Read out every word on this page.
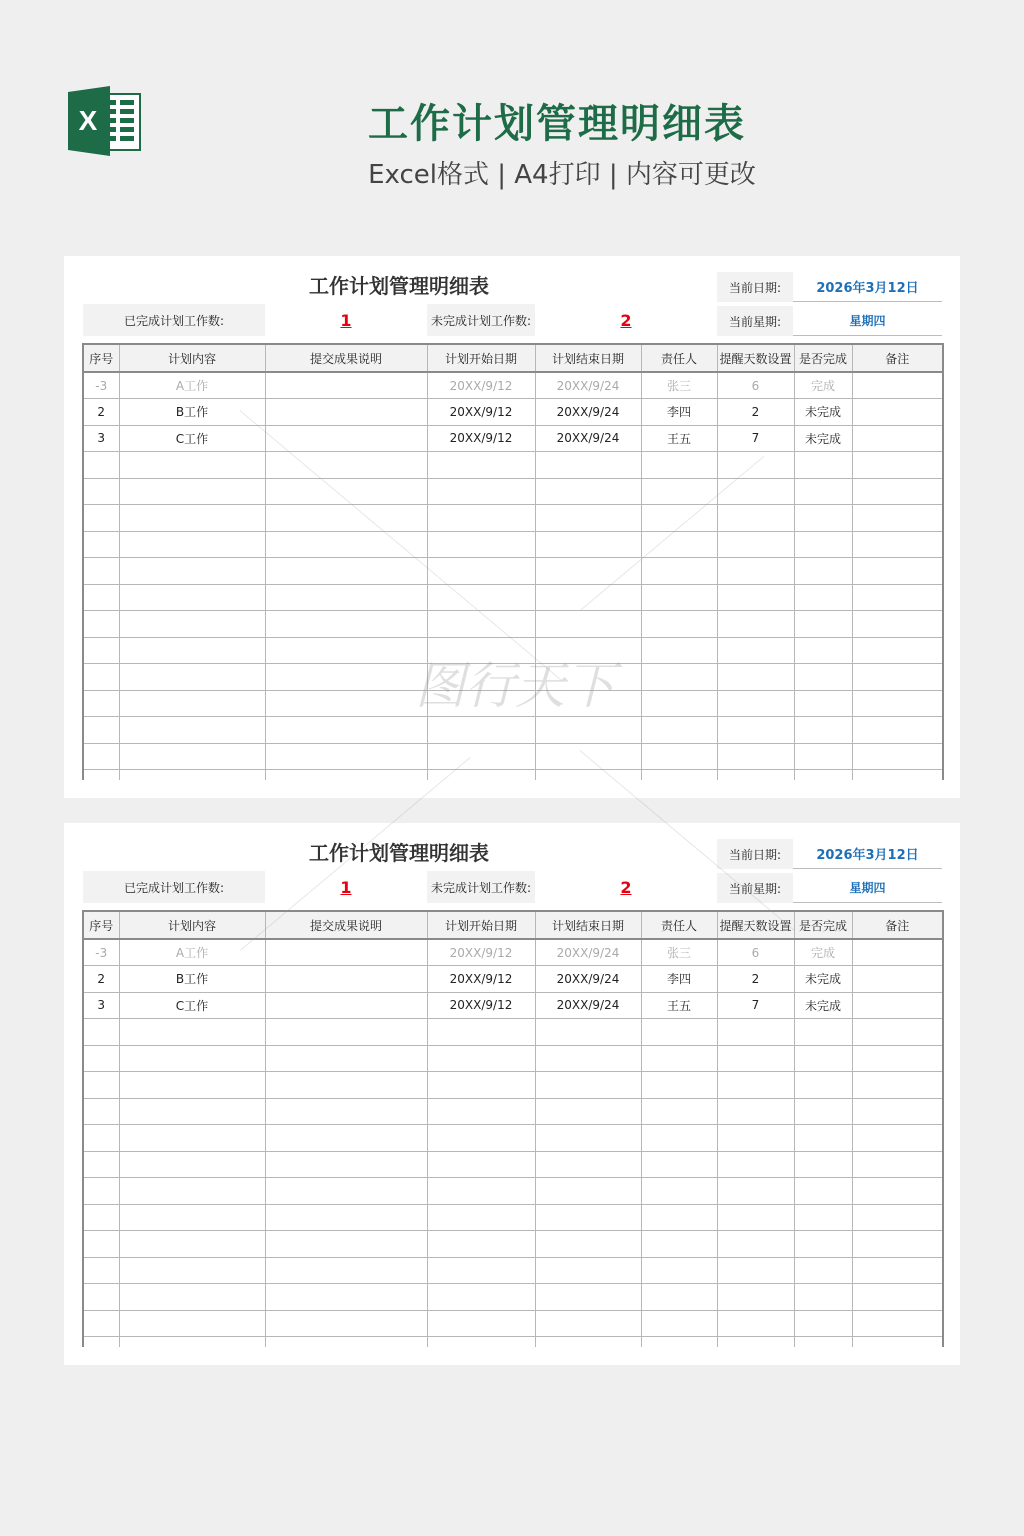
X	工作计划管理明细表
Excel格式 | A4打印 | 内容可更改
工作计划管理明细表	当前日期:	2026年3月12日
当前星期:	星期四
已完成计划工作数:	1	未完成计划工作数:	2
序号	计划内容	提交成果说明	计划开始日期	计划结束日期	责任人	提醒天数设置	是否完成	备注
-3	A工作		20XX/9/12	20XX/9/24	张三	6	完成	
2	B工作		20XX/9/12	20XX/9/24	李四	2	未完成	
3	C工作		20XX/9/12	20XX/9/24	王五	7	未完成	

工作计划管理明细表	当前日期:	2026年3月12日
当前星期:	星期四
已完成计划工作数:	1	未完成计划工作数:	2
序号	计划内容	提交成果说明	计划开始日期	计划结束日期	责任人	提醒天数设置	是否完成	备注
-3	A工作		20XX/9/12	20XX/9/24	张三	6	完成	
2	B工作		20XX/9/12	20XX/9/24	李四	2	未完成	
3	C工作		20XX/9/12	20XX/9/24	王五	7	未完成	

图行天下
